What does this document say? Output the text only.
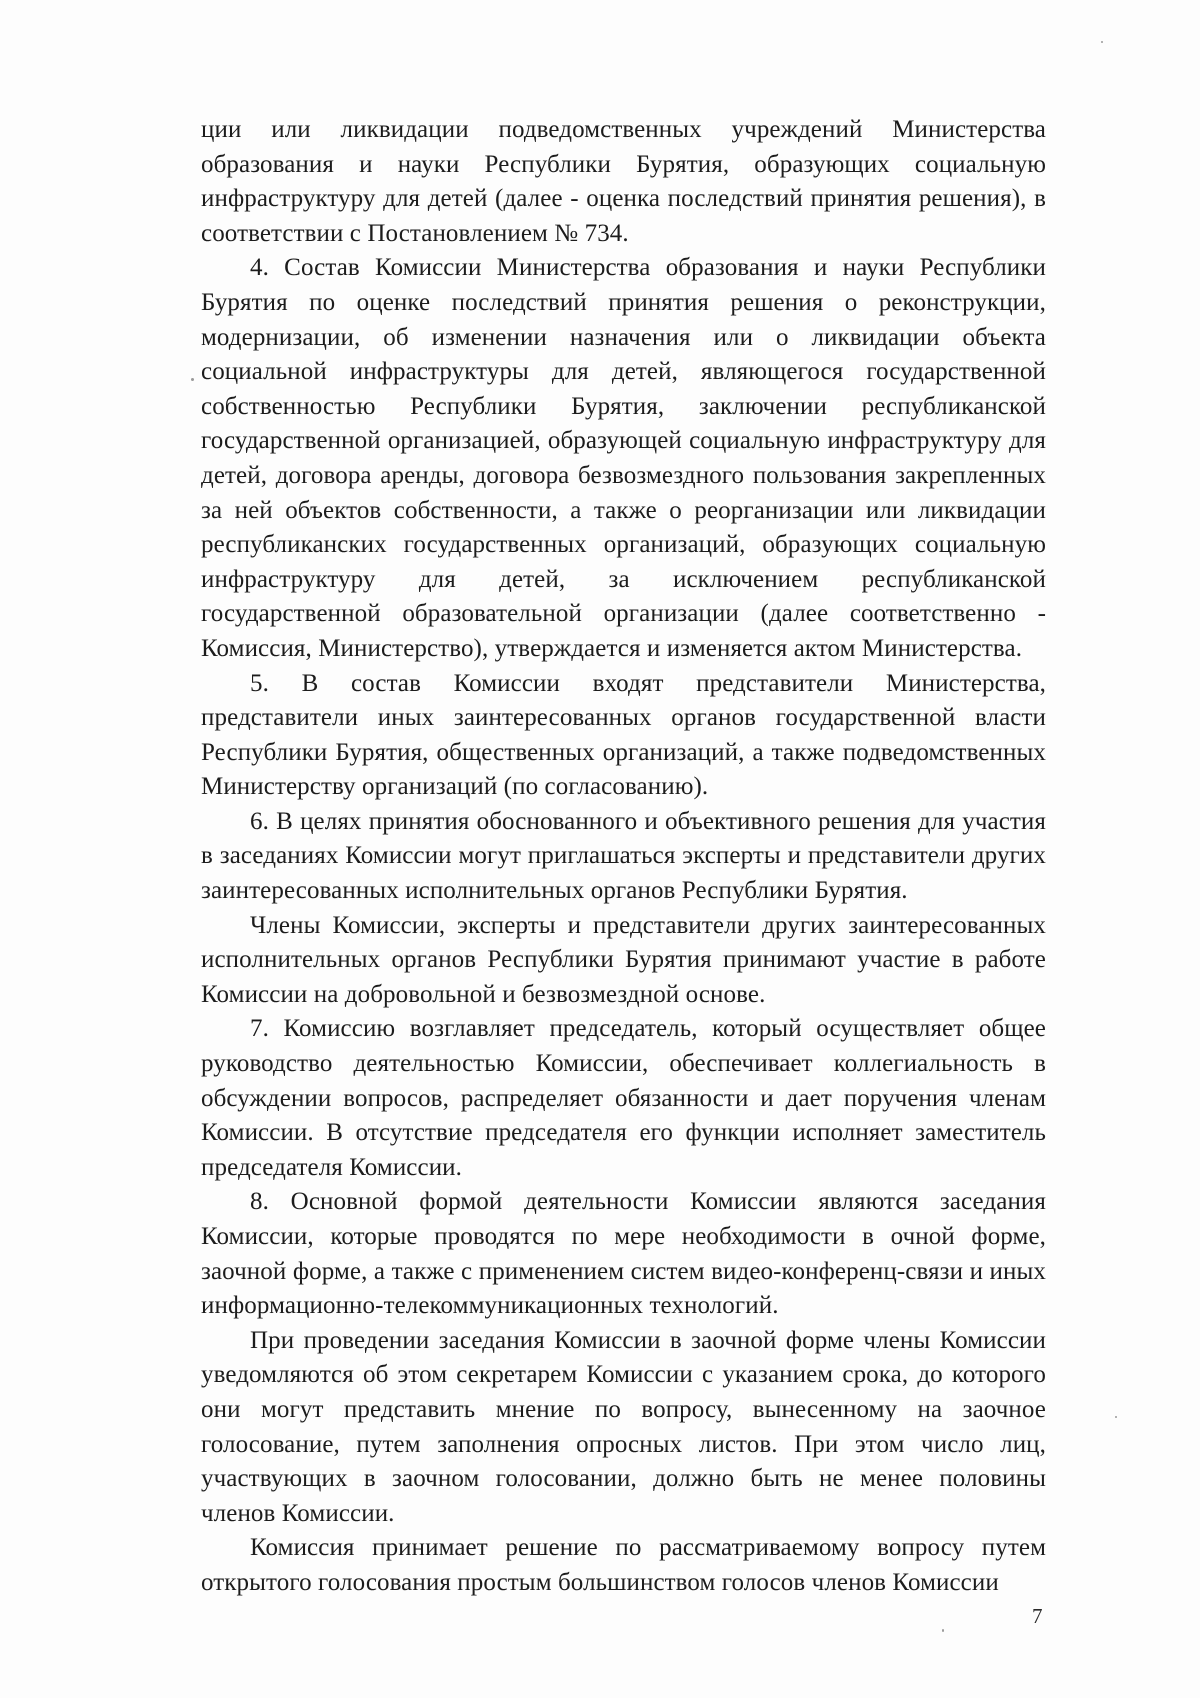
ции или ликвидации подведомственных учреждений Министерства образования и науки Республики Бурятия, образующих социальную инфраструктуру для детей (далее - оценка последствий принятия решения), в соответствии с Постановлением № 734.

4. Состав Комиссии Министерства образования и науки Республики Бурятия по оценке последствий принятия решения о реконструкции, модернизации, об изменении назначения или о ликвидации объекта социальной инфраструктуры для детей, являющегося государственной собственностью Республики Бурятия, заключении республиканской государственной организацией, образующей социальную инфраструктуру для детей, договора аренды, договора безвозмездного пользования закрепленных за ней объектов собственности, а также о реорганизации или ликвидации республиканских государственных организаций, образующих социальную инфраструктуру для детей, за исключением республиканской государственной образовательной организации (далее соответственно - Комиссия, Министерство), утверждается и изменяется актом Министерства.

5. В состав Комиссии входят представители Министерства, представители иных заинтересованных органов государственной власти Республики Бурятия, общественных организаций, а также подведомственных Министерству организаций (по согласованию).

6. В целях принятия обоснованного и объективного решения для участия в заседаниях Комиссии могут приглашаться эксперты и представители других заинтересованных исполнительных органов Республики Бурятия.

Члены Комиссии, эксперты и представители других заинтересованных исполнительных органов Республики Бурятия принимают участие в работе Комиссии на добровольной и безвозмездной основе.

7. Комиссию возглавляет председатель, который осуществляет общее руководство деятельностью Комиссии, обеспечивает коллегиальность в обсуждении вопросов, распределяет обязанности и дает поручения членам Комиссии. В отсутствие председателя его функции исполняет заместитель председателя Комиссии.

8. Основной формой деятельности Комиссии являются заседания Комиссии, которые проводятся по мере необходимости в очной форме, заочной форме, а также с применением систем видео-конференц-связи и иных информационно-телекоммуникационных технологий.

При проведении заседания Комиссии в заочной форме члены Комиссии уведомляются об этом секретарем Комиссии с указанием срока, до которого они могут представить мнение по вопросу, вынесенному на заочное голосование, путем заполнения опросных листов. При этом число лиц, участвующих в заочном голосовании, должно быть не менее половины членов Комиссии.

Комиссия принимает решение по рассматриваемому вопросу путем открытого голосования простым большинством голосов членов Комиссии

7
